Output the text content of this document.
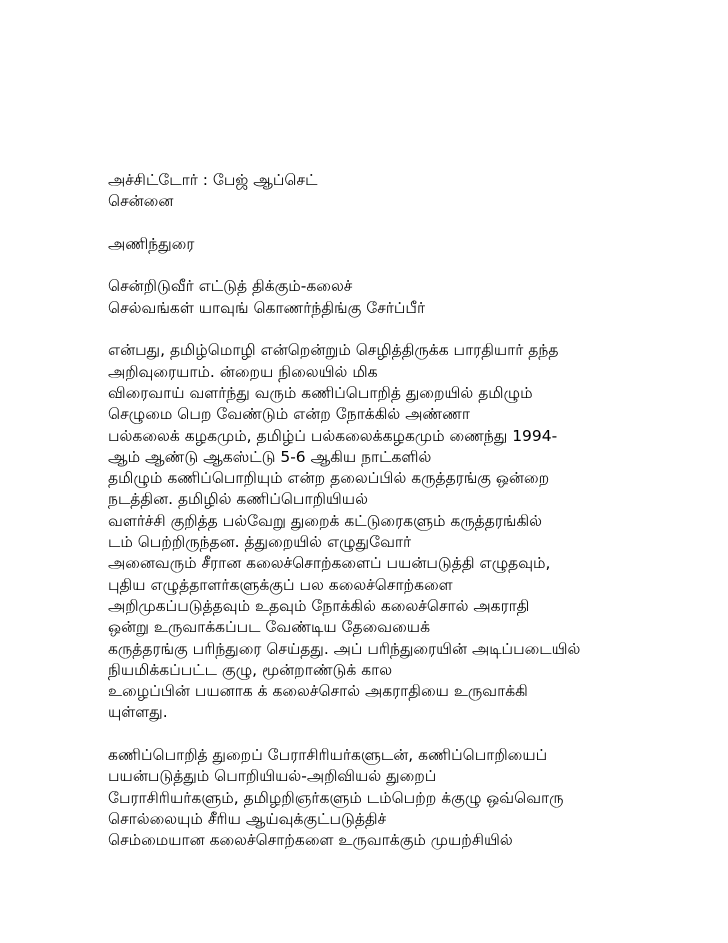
அச்சிட்டோர் : பேஜ் ஆப்செட்
சென்னை
அணிந்துரை
சென்றிடுவீர் எட்டுத் திக்கும்-கலைச்
செல்வங்கள் யாவுங் கொணர்ந்திங்கு சேர்ப்பீர்
என்பது, தமிழ்மொழி என்றென்றும் செழித்திருக்க பாரதியார் தந்த
அறிவுரையாம். ன்றைய நிலையில் மிக
விரைவாய் வளர்ந்து வரும் கணிப்பொறித் துறையில் தமிழும்
செழுமை பெற வேண்டும் என்ற நோக்கில் அண்ணா
பல்கலைக் கழகமும், தமிழ்ப் பல்கலைக்கழகமும் ணைந்து 1994-
ஆம் ஆண்டு ஆகஸ்ட்டு 5-6 ஆகிய நாட்களில்
தமிழும் கணிப்பொறியும் என்ற தலைப்பில் கருத்தரங்கு ஒன்றை
நடத்தின. தமிழில் கணிப்பொறியியல்
வளர்ச்சி குறித்த பல்வேறு துறைக் கட்டுரைகளும் கருத்தரங்கில்
டம் பெற்றிருந்தன. த்துறையில் எழுதுவோர்
அனைவரும் சீரான கலைச்சொற்களைப் பயன்படுத்தி எழுதவும்,
புதிய எழுத்தாளர்களுக்குப் பல கலைச்சொற்களை
அறிமுகப்படுத்தவும் உதவும் நோக்கில் கலைச்சொல் அகராதி
ஒன்று உருவாக்கப்பட வேண்டிய தேவையைக்
கருத்தரங்கு பரிந்துரை செய்தது. அப் பரிந்துரையின் அடிப்படையில்
நியமிக்கப்பட்ட குழு, மூன்றாண்டுக் கால
உழைப்பின் பயனாக க் கலைச்சொல் அகராதியை உருவாக்கி
யுள்ளது.
கணிப்பொறித் துறைப் பேராசிரியர்களுடன், கணிப்பொறியைப்
பயன்படுத்தும் பொறியியல்-அறிவியல் துறைப்
பேராசிரியர்களும், தமிழறிஞர்களும் டம்பெற்ற க்குழு ஒவ்வொரு
சொல்லையும் சீரிய ஆய்வுக்குட்படுத்திச்
செம்மையான கலைச்சொற்களை உருவாக்கும் முயற்சியில்
